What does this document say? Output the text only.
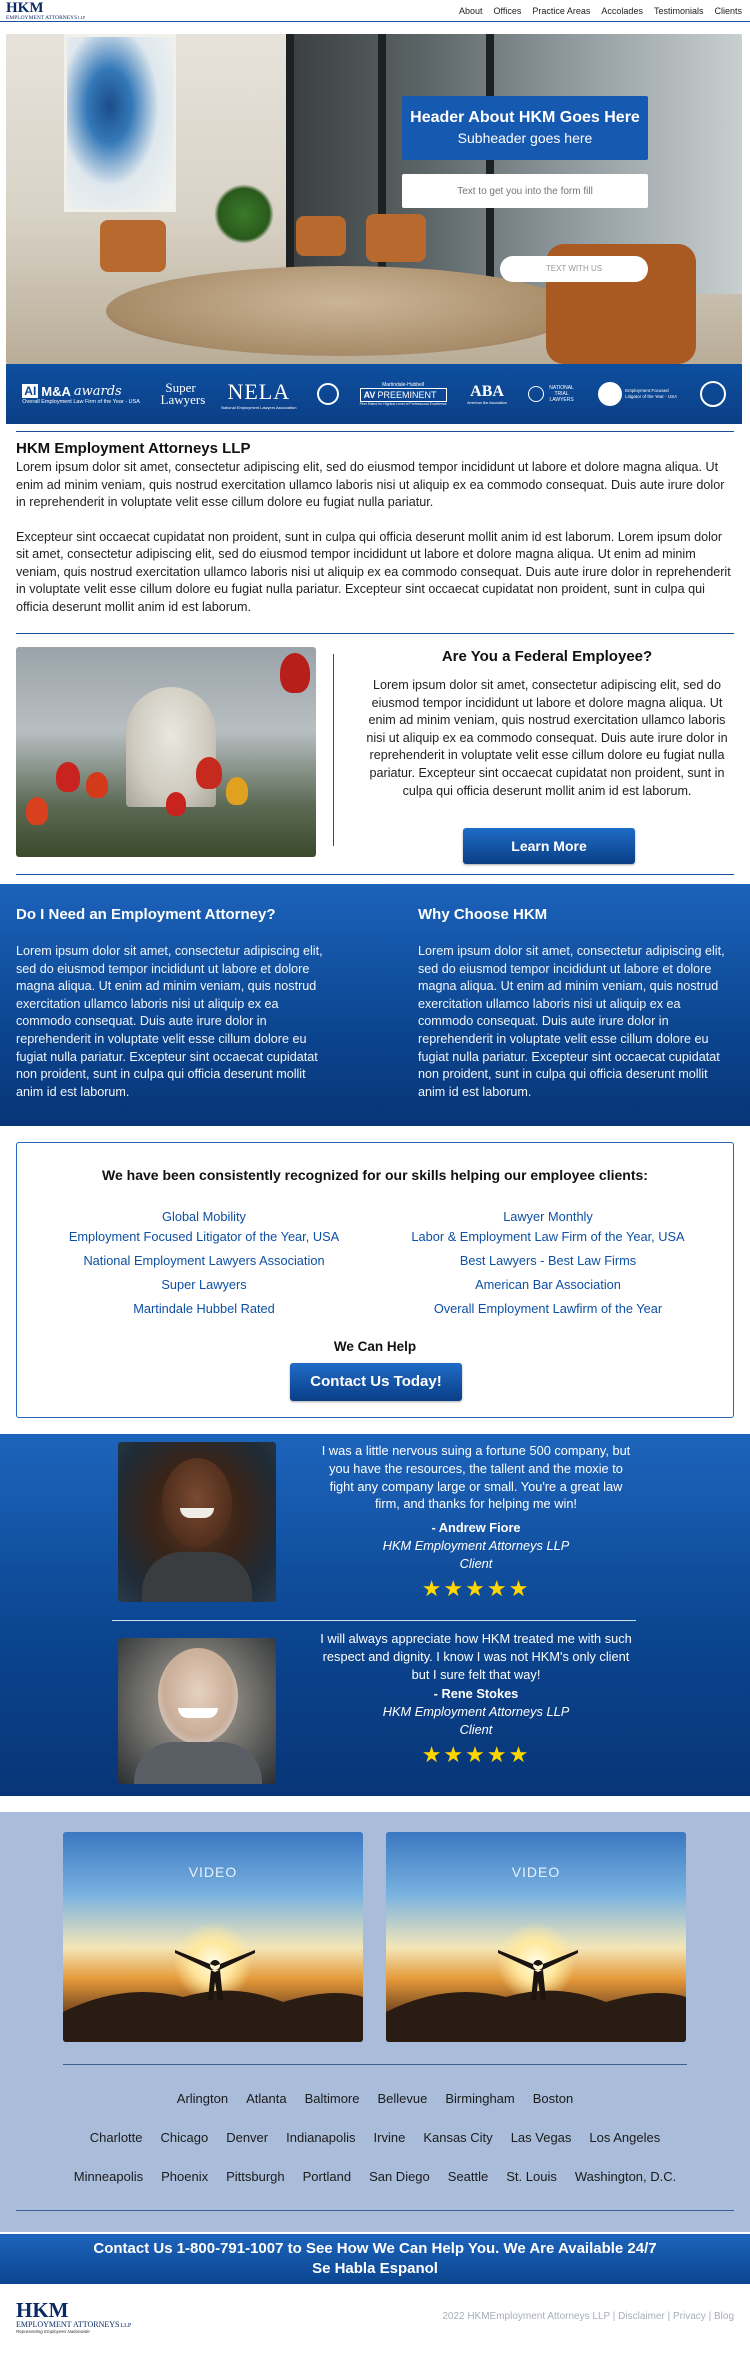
HKM
EMPLOYMENT ATTORNEYS LLP
About Offices Practice Areas Accolades Testimonials Clients
Header About HKM Goes Here
Subheader goes here
Text to get you into the form fill
TEXT WITH US
AI M&A awards
Overall Employment Law Firm of the Year - USA
Super Lawyers NELA
National Employment Lawyers Association
Martindale-Hubbell
AV PREEMINENT
Peer Rated for Highest Level of Professional Excellence
ABA
American Bar Association
NATIONAL TRIAL LAWYERS
Employment Focused Litigator of the Year - USA
HKM Employment Attorneys LLP

Lorem ipsum dolor sit amet, consectetur adipiscing elit, sed do eiusmod tempor incididunt ut labore et dolore magna aliqua. Ut enim ad minim veniam, quis nostrud exercitation ullamco laboris nisi ut aliquip ex ea commodo consequat. Duis aute irure dolor in reprehenderit in voluptate velit esse cillum dolore eu fugiat nulla pariatur.

Excepteur sint occaecat cupidatat non proident, sunt in culpa qui officia deserunt mollit anim id est laborum. Lorem ipsum dolor sit amet, consectetur adipiscing elit, sed do eiusmod tempor incididunt ut labore et dolore magna aliqua. Ut enim ad minim veniam, quis nostrud exercitation ullamco laboris nisi ut aliquip ex ea commodo consequat. Duis aute irure dolor in reprehenderit in voluptate velit esse cillum dolore eu fugiat nulla pariatur. Excepteur sint occaecat cupidatat non proident, sunt in culpa qui officia deserunt mollit anim id est laborum.

Are You a Federal Employee?

Lorem ipsum dolor sit amet, consectetur adipiscing elit, sed do eiusmod tempor incididunt ut labore et dolore magna aliqua. Ut enim ad minim veniam, quis nostrud exercitation ullamco laboris nisi ut aliquip ex ea commodo consequat. Duis aute irure dolor in reprehenderit in voluptate velit esse cillum dolore eu fugiat nulla pariatur. Excepteur sint occaecat cupidatat non proident, sunt in culpa qui officia deserunt mollit anim id est laborum.

Learn More
Do I Need an Employment Attorney?

Lorem ipsum dolor sit amet, consectetur adipiscing elit, sed do eiusmod tempor incididunt ut labore et dolore magna aliqua. Ut enim ad minim veniam, quis nostrud exercitation ullamco laboris nisi ut aliquip ex ea commodo consequat. Duis aute irure dolor in reprehenderit in voluptate velit esse cillum dolore eu fugiat nulla pariatur. Excepteur sint occaecat cupidatat non proident, sunt in culpa qui officia deserunt mollit anim id est laborum.

Why Choose HKM

Lorem ipsum dolor sit amet, consectetur adipiscing elit, sed do eiusmod tempor incididunt ut labore et dolore magna aliqua. Ut enim ad minim veniam, quis nostrud exercitation ullamco laboris nisi ut aliquip ex ea commodo consequat. Duis aute irure dolor in reprehenderit in voluptate velit esse cillum dolore eu fugiat nulla pariatur. Excepteur sint occaecat cupidatat non proident, sunt in culpa qui officia deserunt mollit anim id est laborum.

We have been consistently recognized for our skills helping our employee clients:
Global Mobility
Employment Focused Litigator of the Year, USA
National Employment Lawyers Association
Super Lawyers
Martindale Hubbel Rated
Lawyer Monthly
Labor & Employment Law Firm of the Year, USA
Best Lawyers - Best Law Firms
American Bar Association
Overall Employment Lawfirm of the Year
We Can Help
Contact Us Today!

I was a little nervous suing a fortune 500 company, but you have the resources, the tallent and the moxie to fight any company large or small. You're a great law firm, and thanks for helping me win!

- Andrew Fiore
HKM Employment Attorneys LLP
Client
★★★★★

I will always appreciate how HKM treated me with such respect and dignity. I know I was not HKM's only client but I sure felt that way!

- Rene Stokes
HKM Employment Attorneys LLP
Client
★★★★★
VIDEO	VIDEO
Arlington Atlanta Baltimore Bellevue Birmingham Boston
Charlotte Chicago Denver Indianapolis Irvine Kansas City Las Vegas Los Angeles
Minneapolis Phoenix Pittsburgh Portland San Diego Seattle St. Louis Washington, D.C.
Contact Us 1-800-791-1007 to See How We Can Help You. We Are Available 24/7
Se Habla Espanol
HKM
EMPLOYMENT ATTORNEYS LLP
Representing Employees Nationwide
2022 HKMEmployment Attorneys LLP | Disclaimer | Privacy | Blog
